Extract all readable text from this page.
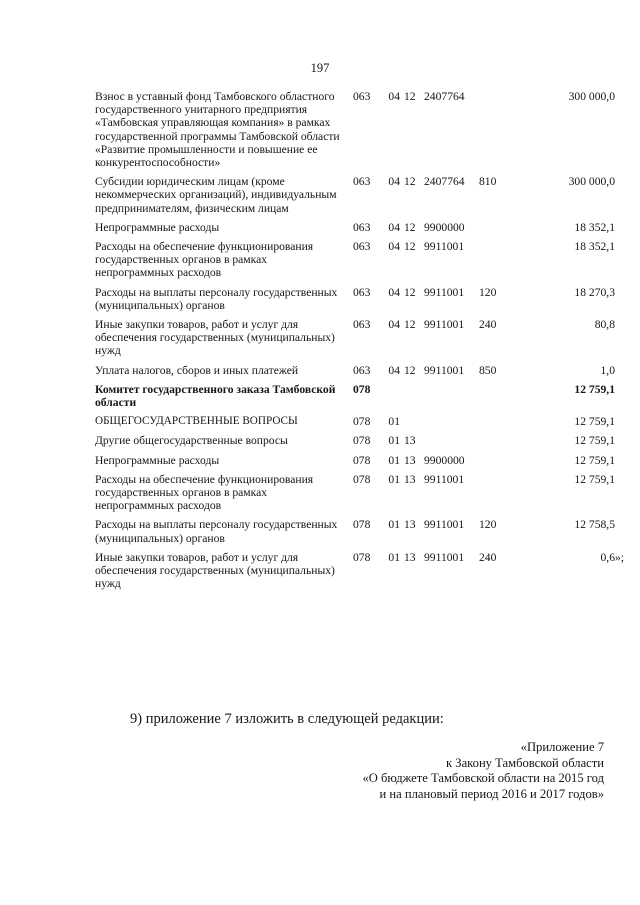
197
Взнос в уставный фонд Тамбовского областного государственного унитарного предприятия «Тамбовская управляющая компания» в рамках государственной программы Тамбовской области «Развитие промышленности и повышение ее конкурентоспособности»	063	04	12	2407764		300 000,0
Субсидии юридическим лицам (кроме некоммерческих организаций), индивидуальным предпринимателям, физическим лицам	063	04	12	2407764	810	300 000,0
Непрограммные расходы	063	04	12	9900000		18 352,1
Расходы на обеспечение функционирования государственных органов в рамках непрограммных расходов	063	04	12	9911001		18 352,1
Расходы на выплаты персоналу государственных (муниципальных) органов	063	04	12	9911001	120	18 270,3
Иные закупки товаров, работ и услуг для обеспечения государственных (муниципальных) нужд	063	04	12	9911001	240	80,8
Уплата налогов, сборов и иных платежей	063	04	12	9911001	850	1,0
Комитет государственного заказа Тамбовской области	078					12 759,1
ОБЩЕГОСУДАРСТВЕННЫЕ ВОПРОСЫ	078	01				12 759,1
Другие общегосударственные вопросы	078	01	13			12 759,1
Непрограммные расходы	078	01	13	9900000		12 759,1
Расходы на обеспечение функционирования государственных органов в рамках непрограммных расходов	078	01	13	9911001		12 759,1
Расходы на выплаты персоналу государственных (муниципальных) органов	078	01	13	9911001	120	12 758,5
Иные закупки товаров, работ и услуг для обеспечения государственных (муниципальных) нужд	078	01	13	9911001	240	0,6 »;
9) приложение 7 изложить в следующей редакции:
«Приложение 7
к Закону Тамбовской области
«О бюджете Тамбовской области на 2015 год
и на плановый период 2016 и 2017 годов»
